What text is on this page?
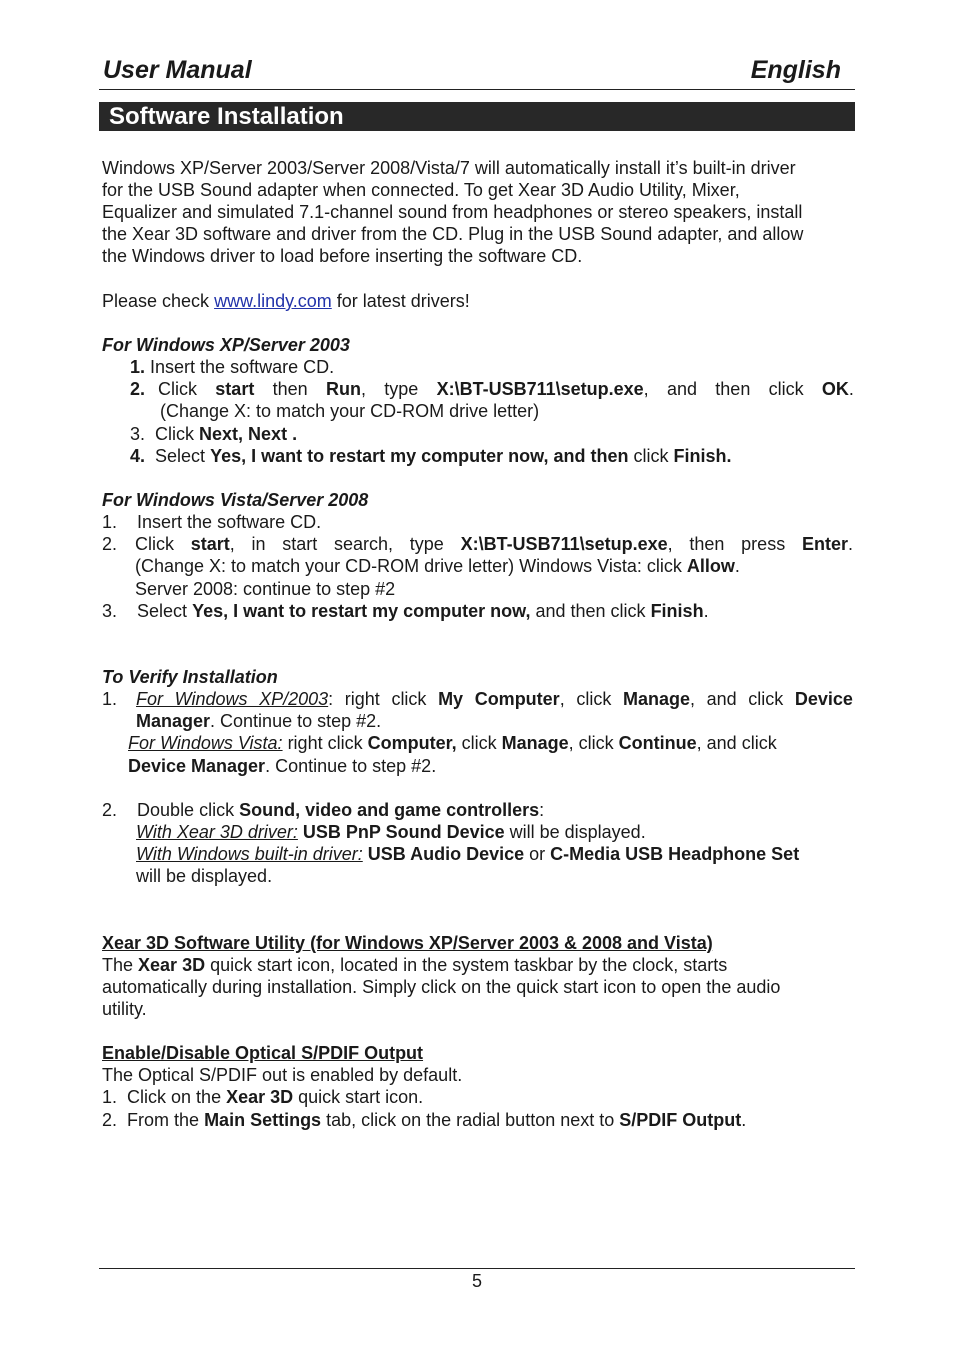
User Manual	English
Software Installation
Windows XP/Server 2003/Server 2008/Vista/7 will automatically install it’s built-in driver
for the USB Sound adapter when connected. To get Xear 3D Audio Utility, Mixer,
Equalizer and simulated 7.1-channel sound from headphones or stereo speakers, install
the Xear 3D software and driver from the CD. Plug in the USB Sound adapter, and allow
the Windows driver to load before inserting the software CD.
Please check www.lindy.com for latest drivers!
For Windows XP/Server 2003
1. Insert the software CD.
2. Click start then Run, type X:\BT-USB711\setup.exe, and then click OK.
(Change X: to match your CD-ROM drive letter)
3. Click Next, Next .
4. Select Yes, I want to restart my computer now, and then click Finish.
For Windows Vista/Server 2008
1. Insert the software CD.
2. Click start, in start search, type X:\BT-USB711\setup.exe, then press Enter.
(Change X: to match your CD-ROM drive letter) Windows Vista: click Allow.
Server 2008: continue to step #2
3. Select Yes, I want to restart my computer now, and then click Finish.
To Verify Installation
1. For Windows XP/2003: right click My Computer, click Manage, and click Device
Manager. Continue to step #2.
For Windows Vista: right click Computer, click Manage, click Continue, and click
Device Manager. Continue to step #2.
2. Double click Sound, video and game controllers:
With Xear 3D driver: USB PnP Sound Device will be displayed.
With Windows built-in driver: USB Audio Device or C-Media USB Headphone Set
will be displayed.
Xear 3D Software Utility (for Windows XP/Server 2003 & 2008 and Vista)
The Xear 3D quick start icon, located in the system taskbar by the clock, starts
automatically during installation. Simply click on the quick start icon to open the audio
utility.
Enable/Disable Optical S/PDIF Output
The Optical S/PDIF out is enabled by default.
1. Click on the Xear 3D quick start icon.
2. From the Main Settings tab, click on the radial button next to S/PDIF Output.
5
